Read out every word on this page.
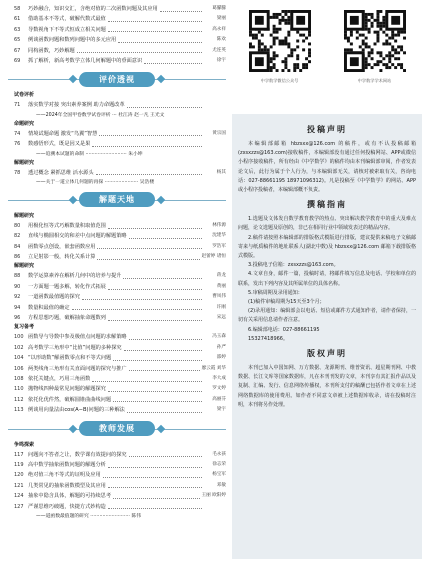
58	巧妙融合，知识交汇，含绝对值的二次函数问题及其应用	葛朦朦
61	借助基本不等式，破解代数式最值	梁丽
63	导数视角下不等式恒成立相关问题	高永祥
65	例谈函数问题和数列问题中的多元应用	陈欢
67	同构函数，巧妙解题	尤连英
69	抓了解析，新高考数学立体几何解题中的垂面意识	徐宇
评价透视
试卷评析
71	落实数学对接 突出素养案例 助力命题改革
——2024年全国甲卷数学试卷评析 ··· 杜江涛 赵一凡 王光文
命题研究
74	情境试题命题 激发“鸟翼”智慧	黄宗国
76	数感悟形式，既是因又是果
——追溯本试题的命制 ··························· 朱小坤
解题研究
78	透过概念 紧抓思维 活水源头	杨其
——关于一道立体几何题的再探 ······················ 吴浩楼
解题天地
解题研究
80	用极化恒等式巧解数量积取值范围	林伟源
82	直线与椭圆相交的和差中点问题的解题策略	沈建华
84	函数零点创设，嵌套函数应用	罗浩军
86	立足射影一般，转化关系计算	赵蕾婷 诸恒
解题研究
88	数学运算素养在解析几何中的培养与提升	蒋龙
90	一方面题一题多解，转化作式拓展	黄丽
92	一道函数最值题的探究	曹凤伟
94	数量积最值的确定	许刚
96	方程思想巧题，破解抽象命题数列	宋远
复习备考
100 函数导与导数中参及极值点问题的求解策略	冯玉森
102 高考数学三角形中“比值”问题的多种探究	孙严
104 “以形助数”解函数零点和不等式问题	邵婷
106 两类线角三角形有关直面问题的探究与推广	廖云霞 刘华
108 依托关键点，巧用三角函数	李大成
110 抛物线四种最常见问题的解题探究	罗文婷
112 依托化优件然，破解圆锥曲曲线问题	高丽芬
113 例谈用向量法由cos(A−B)问题的三种解法	梁宇
教师发展
争鸣探索
117 问题向不答者之让，数学课有效提问的探究	毛永孩
119 高中数学抽象函数问题的解题分析	徐志荣
120 绝对值三角不等式的证明及应用	杨宝军
121 几类常见的抽象函数模型及其应用	邓敏
124 抽象中隐含具体，解题的可持续思考	王丽 欧阳婷
127 严谨思维巧破题，快捷方式妙构造
——道函数最值题的研究 ·························· 陈伟
中学数学微信公众号	中学数学学术网站
投稿声明
本编辑部邮箱 hbzsxx@126.com 的稿件，或有不认投稿邮箱(zxsxzzs@163.com)接收稿件，本编辑部没有通过任何投稿网站、APP或微信小程序接收稿件，所有经由《中学数学》的稿件均由本刊编辑部审阅，作者发表论文后，此行为属于个人行为，与本编辑部无关，请核对被索取有关，咨询电话：027-88661195 18971096312)。凡是投稿至《中学数学》的网站、APP或小程序投稿者，本编辑部概不负责。
撰稿指南

1.选题及文体发自数学教育教学的热点、突出解决教学教育中的重大及难点问题，论文选题及原创的，非已在相同行业中领域发表过的精品内容。

2.稿件请按照本编辑部的排版格式模版进行排版，建议提供来稿电子文稿邮寄来与纸质稿件的地址联系人(湖北中数)及 hbzsxx@126.com 邮箱下载排版格式模版。

3.投稿电子信箱：zxsxzzs@163.com。

4.文章自身，邮件一篇，投稿时请，将邮件填写信息及电话、学校和单位的联系，发出下列内容及其所属单位的具体名称。

5.审稿周期及录用通知：

(1)稿件审稿周期为15天至3个月；

(2)录用通知：编辑部会以电话、短信或邮件方式通知作者，请作者保持，一切有关采用信息请作者注意。

6.编辑部电话：027-88661195

15327418966。

版权声明
本刊已加入中国知网、万方数据、龙源期刊、维普资讯、超星期刊网、中教数据、长江文库等国家数据库，凡在本刊刊发的文章，本刊享有其汇报作品以及复制、汇编、发行、信息网络传播权，本刊所支付的稿酬已包括作者文章在上述网络数据库的使用费用。如作者不同意文章被上述数据库收录，请在投稿时注明，本刊将另作处理。
